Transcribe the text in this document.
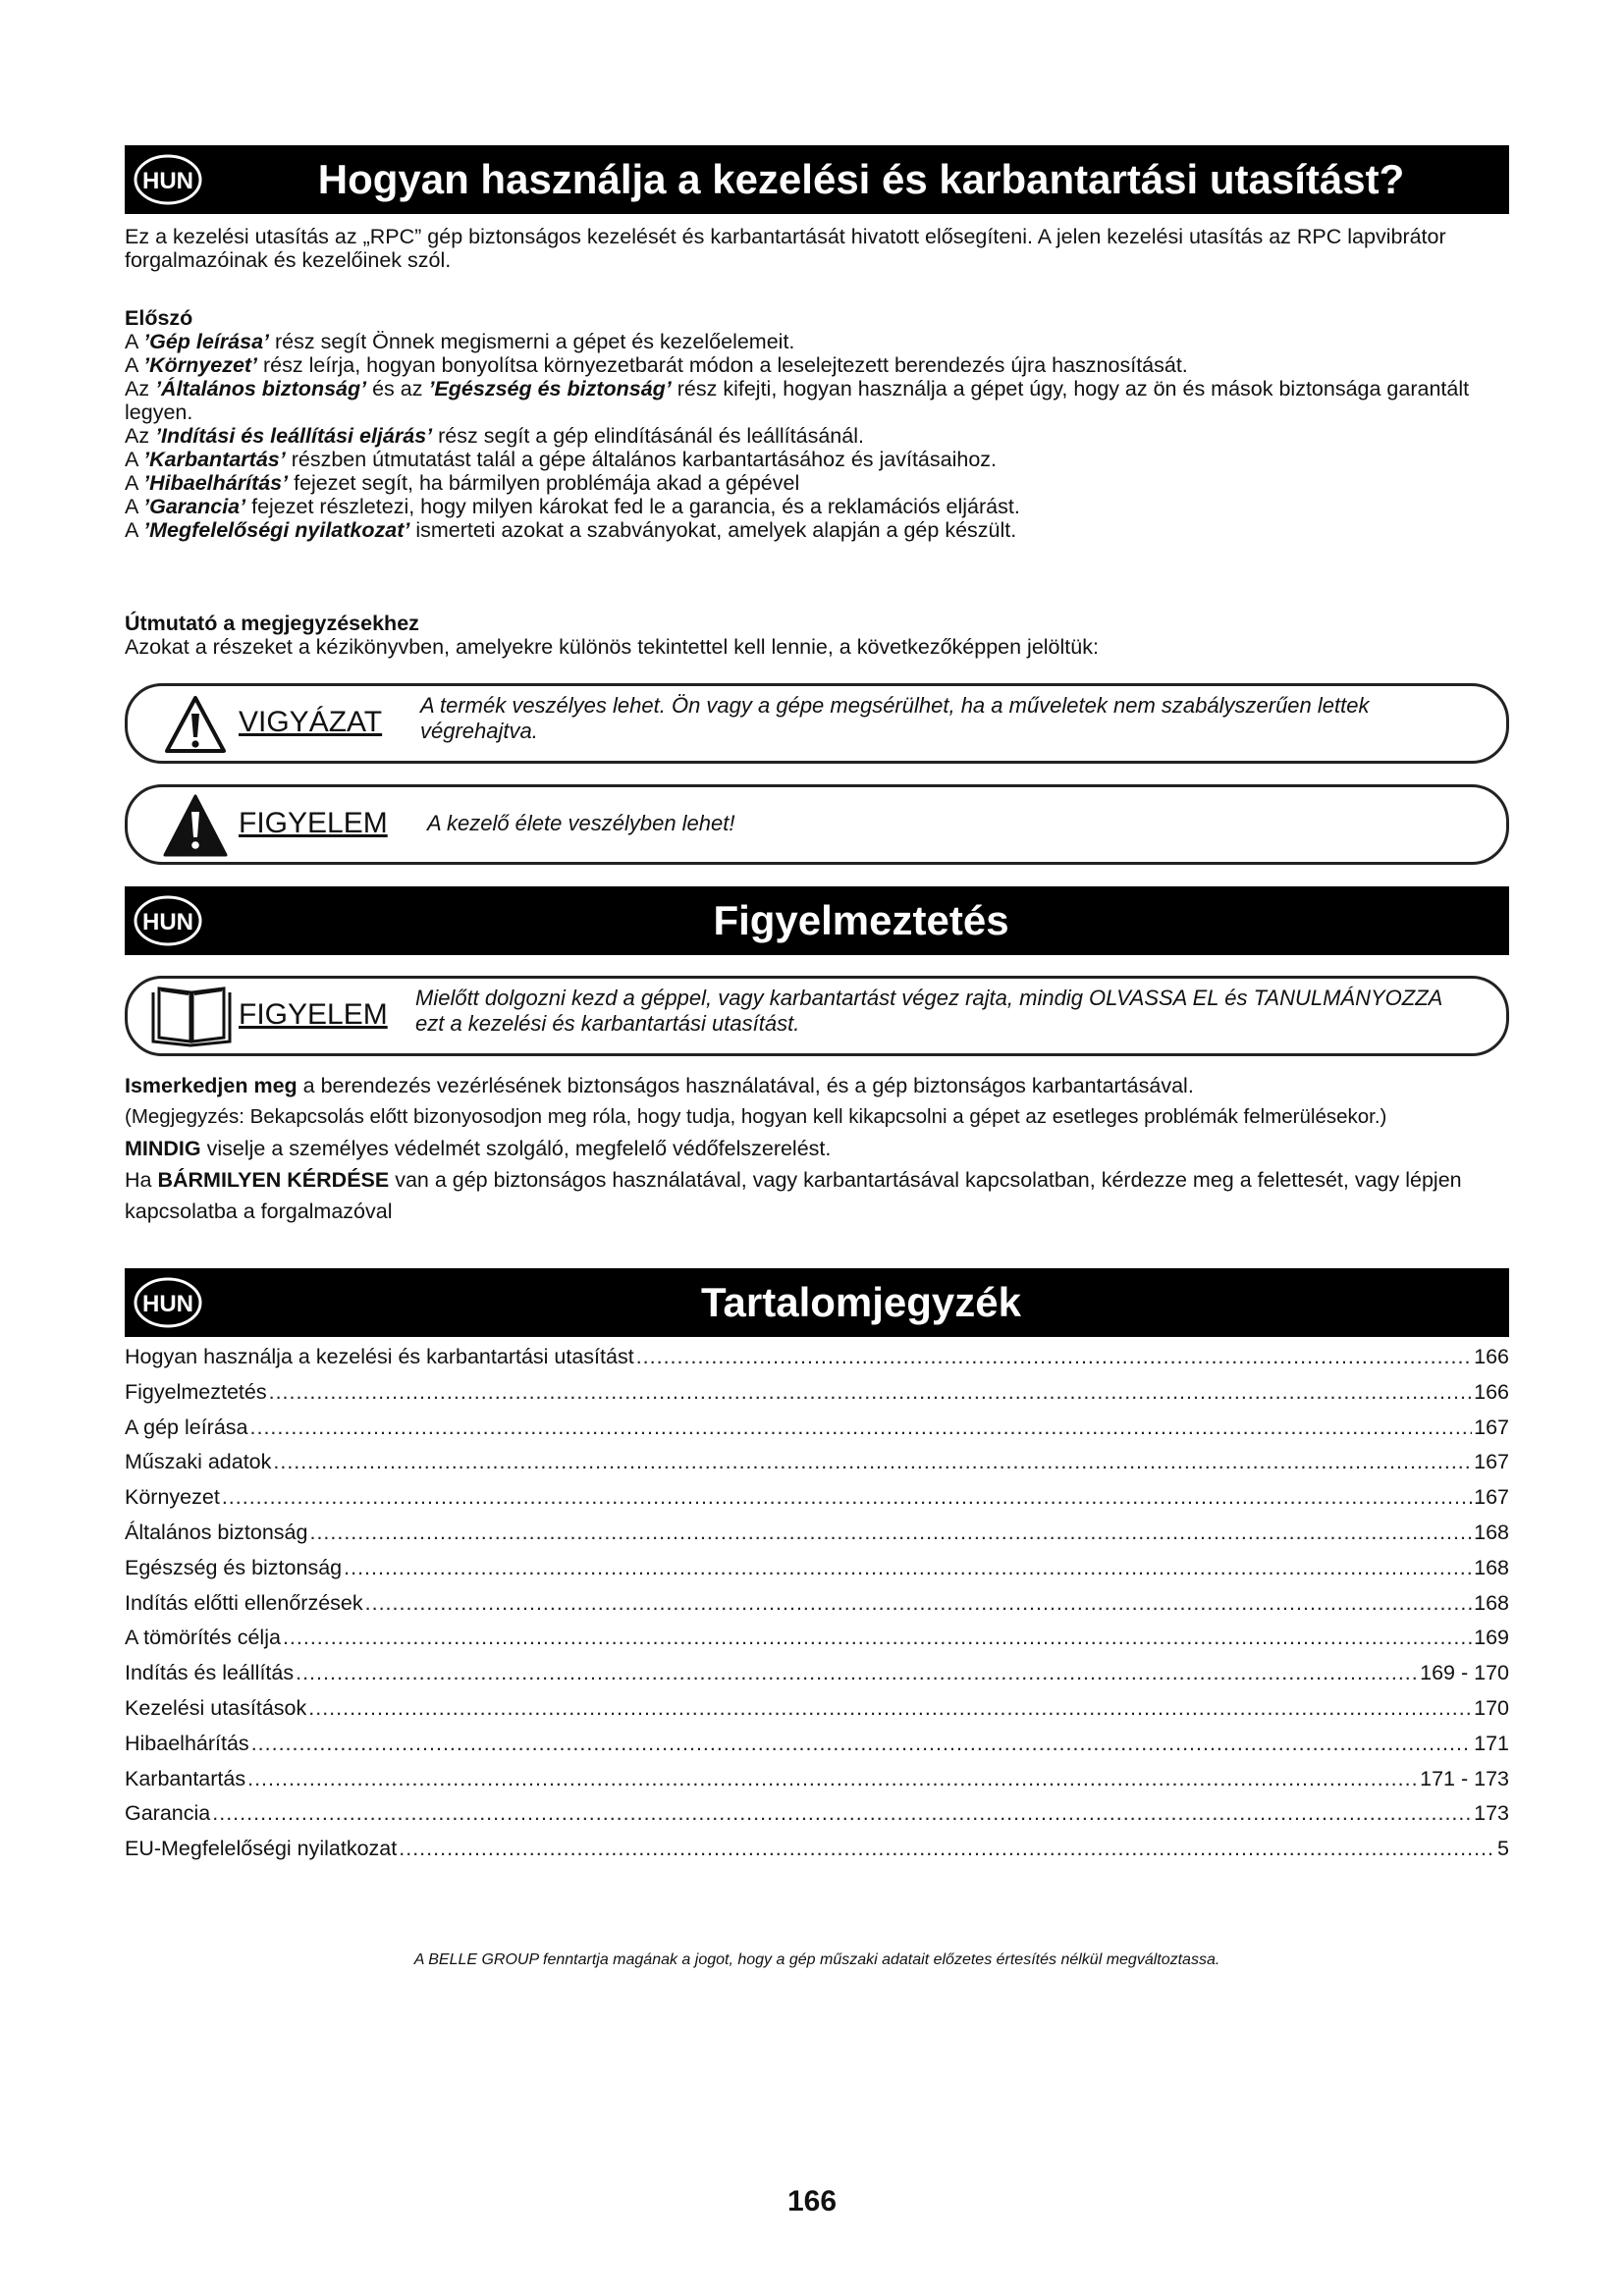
HUN	Hogyan használja a kezelési és karbantartási utasítást?

Ez a kezelési utasítás az „RPC” gép biztonságos kezelését és karbantartását hivatott elősegíteni. A jelen kezelési utasítás az RPC lapvibrátor forgalmazóinak és kezelőinek szól.

Előszó

A ’Gép leírása’ rész segít Önnek megismerni a gépet és kezelőelemeit.

A ’Környezet’ rész leírja, hogyan bonyolítsa környezetbarát módon a leselejtezett berendezés újra hasznosítását.

Az ’Általános biztonság’ és az ’Egészség és biztonság’ rész kifejti, hogyan használja a gépet úgy, hogy az ön és mások biztonsága garantált legyen.

Az ’Indítási és leállítási eljárás’ rész segít a gép elindításánál és leállításánál.

A ’Karbantartás’ részben útmutatást talál a gépe általános karbantartásához és javításaihoz.

A ’Hibaelhárítás’ fejezet segít, ha bármilyen problémája akad a gépével

A ’Garancia’ fejezet részletezi, hogy milyen károkat fed le a garancia, és a reklamációs eljárást.

A ’Megfelelőségi nyilatkozat’ ismerteti azokat a szabványokat, amelyek alapján a gép készült.

Útmutató a megjegyzésekhez

Azokat a részeket a kézikönyvben, amelyekre különös tekintettel kell lennie, a következőképpen jelöltük:

VIGYÁZAT
A termék veszélyes lehet. Ön vagy a gépe megsérülhet, ha a műveletek nem szabályszerűen lettek végrehajtva.
FIGYELEM A kezelő élete veszélyben lehet!
HUN	Figyelmeztetés
FIGYELEM
Mielőtt dolgozni kezd a géppel, vagy karbantartást végez rajta, mindig OLVASSA EL és TANULMÁNYOZZA ezt a kezelési és karbantartási utasítást.

Ismerkedjen meg a berendezés vezérlésének biztonságos használatával, és a gép biztonságos karbantartásával.

(Megjegyzés: Bekapcsolás előtt bizonyosodjon meg róla, hogy tudja, hogyan kell kikapcsolni a gépet az esetleges problémák felmerülésekor.)

MINDIG viselje a személyes védelmét szolgáló, megfelelő védőfelszerelést.

Ha BÁRMILYEN KÉRDÉSE van a gép biztonságos használatával, vagy karbantartásával kapcsolatban, kérdezze meg a felettesét, vagy lépjen kapcsolatba a forgalmazóval

HUN	Tartalomjegyzék
Hogyan használja a kezelési és karbantartási utasítást .....	166
Figyelmeztetés .....	166
A gép leírása .....	167
Műszaki adatok .....	167
Környezet .....	167
Általános biztonság .....	168
Egészség és biztonság .....	168
Indítás előtti ellenőrzések .....	168
A tömörítés célja .....	169
Indítás és leállítás .....	169 - 170
Kezelési utasítások .....	170
Hibaelhárítás .....	171
Karbantartás .....	171 - 173
Garancia .....	173
EU-Megfelelőségi nyilatkozat .....	5
A BELLE GROUP fenntartja magának a jogot, hogy a gép műszaki adatait előzetes értesítés nélkül megváltoztassa.
166
